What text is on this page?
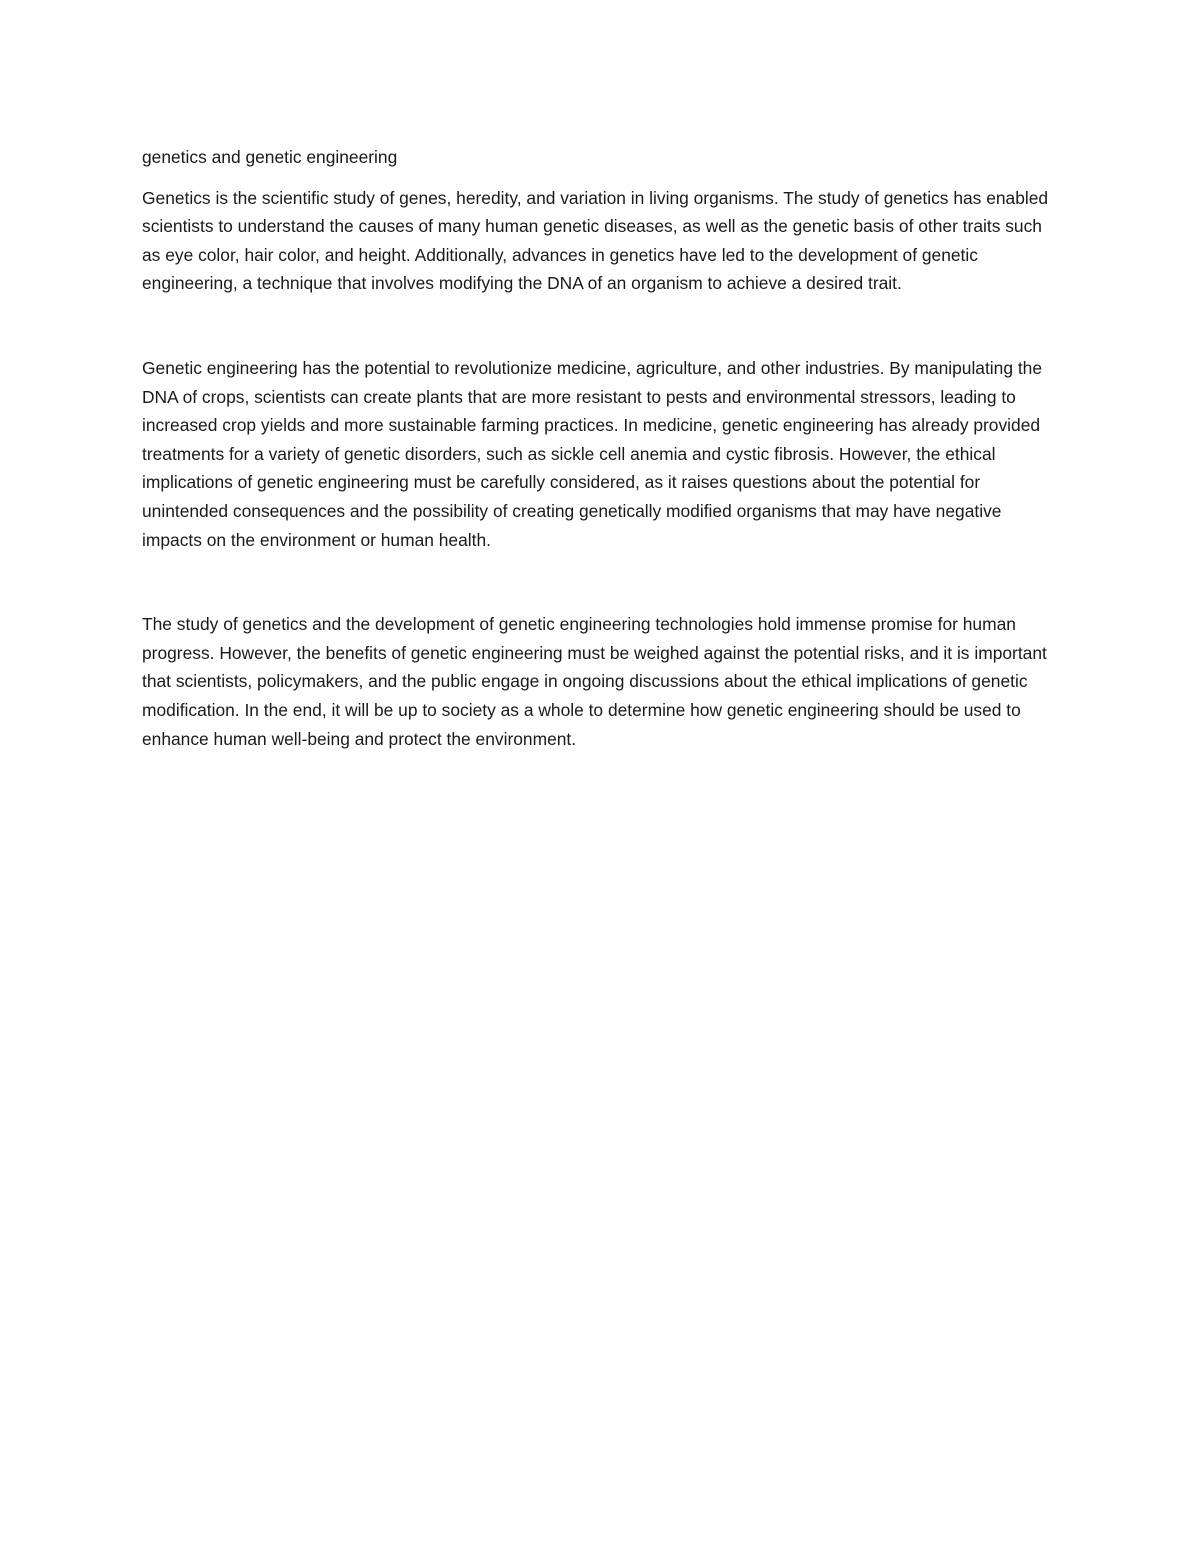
genetics and genetic engineering

Genetics is the scientific study of genes, heredity, and variation in living organisms. The study of genetics has enabled scientists to understand the causes of many human genetic diseases, as well as the genetic basis of other traits such as eye color, hair color, and height. Additionally, advances in genetics have led to the development of genetic engineering, a technique that involves modifying the DNA of an organism to achieve a desired trait.

Genetic engineering has the potential to revolutionize medicine, agriculture, and other industries. By manipulating the DNA of crops, scientists can create plants that are more resistant to pests and environmental stressors, leading to increased crop yields and more sustainable farming practices. In medicine, genetic engineering has already provided treatments for a variety of genetic disorders, such as sickle cell anemia and cystic fibrosis. However, the ethical implications of genetic engineering must be carefully considered, as it raises questions about the potential for unintended consequences and the possibility of creating genetically modified organisms that may have negative impacts on the environment or human health.

The study of genetics and the development of genetic engineering technologies hold immense promise for human progress. However, the benefits of genetic engineering must be weighed against the potential risks, and it is important that scientists, policymakers, and the public engage in ongoing discussions about the ethical implications of genetic modification. In the end, it will be up to society as a whole to determine how genetic engineering should be used to enhance human well-being and protect the environment.
